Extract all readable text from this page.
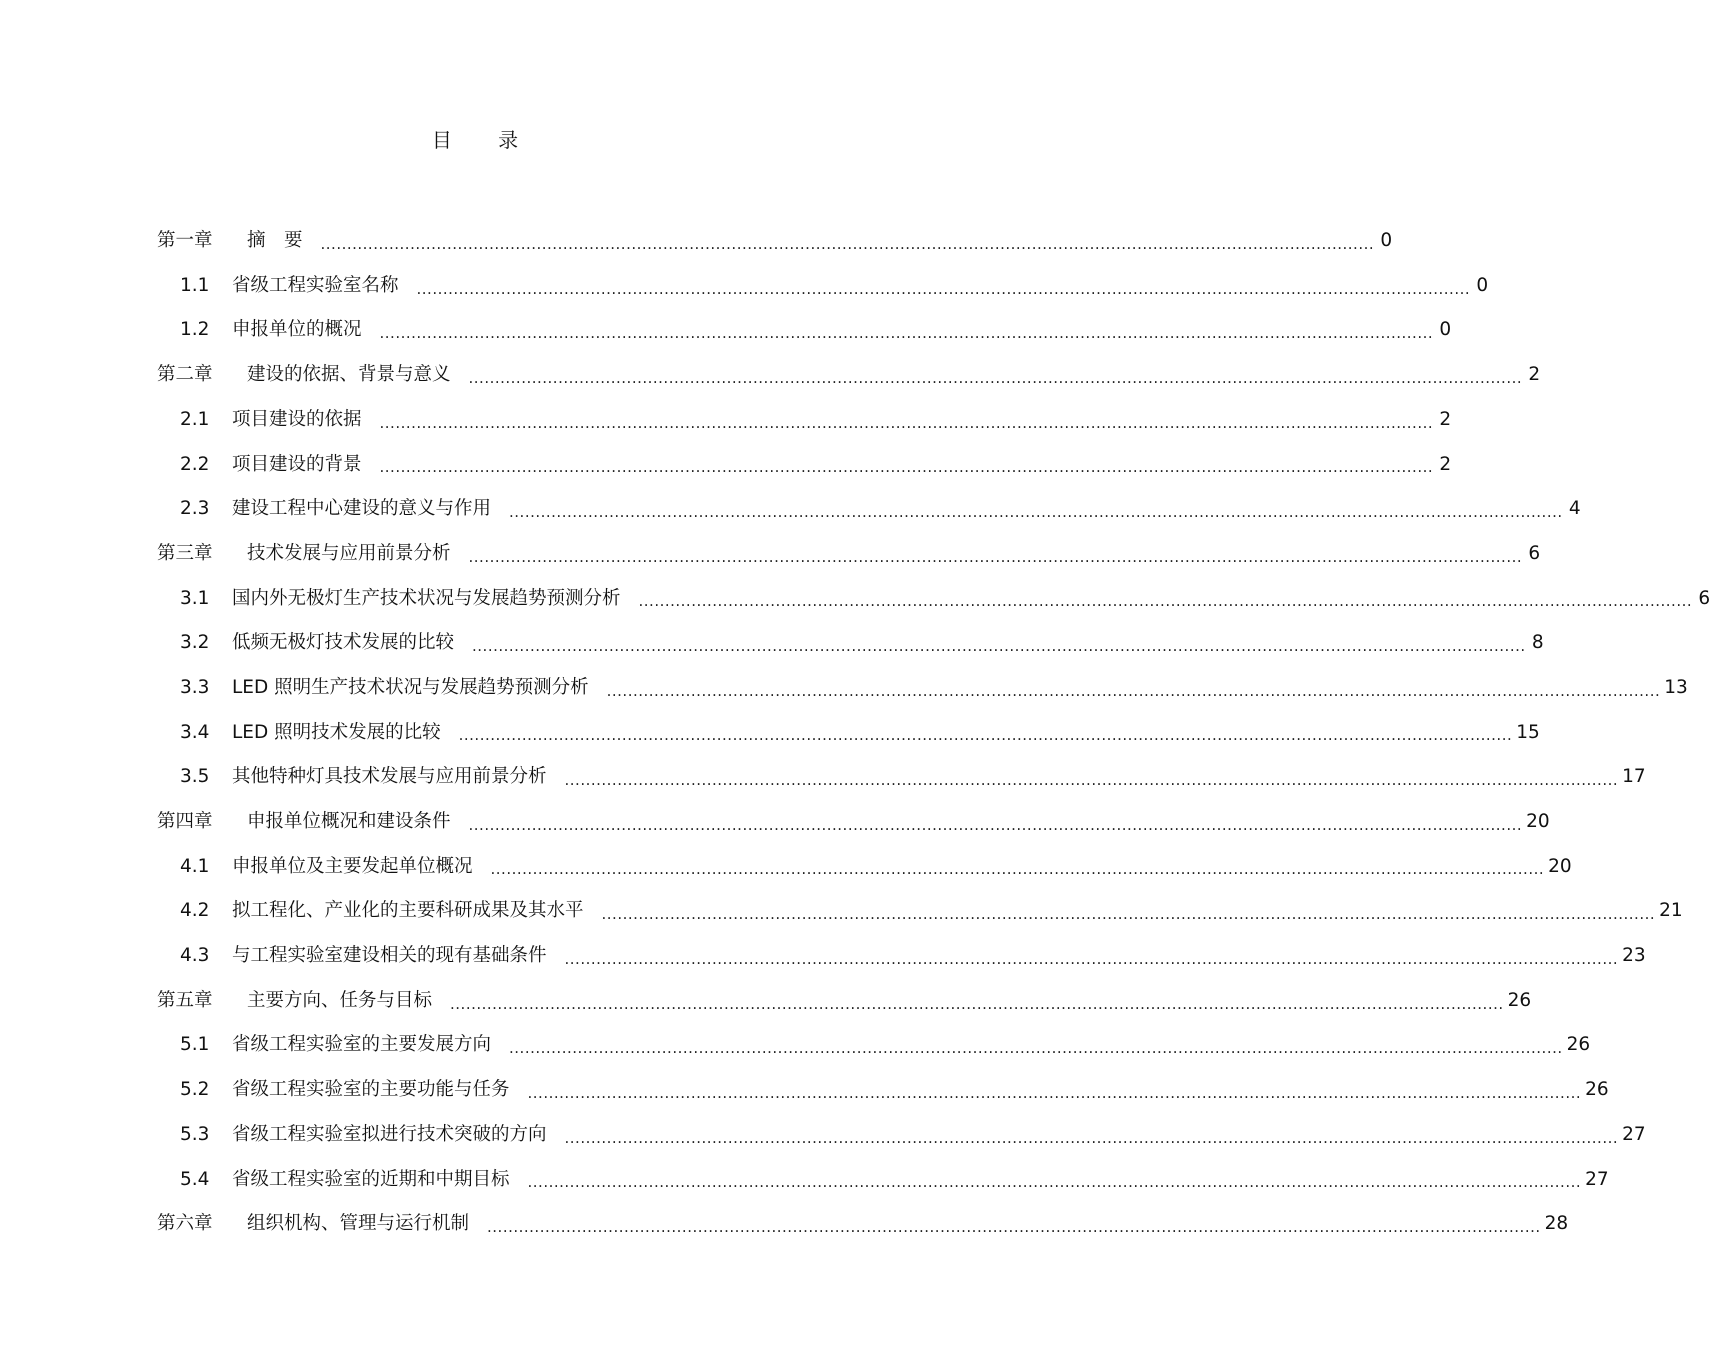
目 录
第一章	摘　要	........................................................................................................................................................................................................ 0
1.1	省级工程实验室名称	........................................................................................................................................................................................................ 0
1.2	申报单位的概况	........................................................................................................................................................................................................ 0
第二章	建设的依据、背景与意义	........................................................................................................................................................................................................ 2
2.1	项目建设的依据	........................................................................................................................................................................................................ 2
2.2	项目建设的背景	........................................................................................................................................................................................................ 2
2.3	建设工程中心建设的意义与作用	........................................................................................................................................................................................................ 4
第三章	技术发展与应用前景分析	........................................................................................................................................................................................................ 6
3.1	国内外无极灯生产技术状况与发展趋势预测分析	........................................................................................................................................................................................................ 6
3.2	低频无极灯技术发展的比较	........................................................................................................................................................................................................ 8
3.3	LED 照明生产技术状况与发展趋势预测分析	........................................................................................................................................................................................................ 13
3.4	LED 照明技术发展的比较	........................................................................................................................................................................................................ 15
3.5	其他特种灯具技术发展与应用前景分析	........................................................................................................................................................................................................ 17
第四章	申报单位概况和建设条件	........................................................................................................................................................................................................ 20
4.1	申报单位及主要发起单位概况	........................................................................................................................................................................................................ 20
4.2	拟工程化、产业化的主要科研成果及其水平	........................................................................................................................................................................................................ 21
4.3	与工程实验室建设相关的现有基础条件	........................................................................................................................................................................................................ 23
第五章	主要方向、任务与目标	........................................................................................................................................................................................................ 26
5.1	省级工程实验室的主要发展方向	........................................................................................................................................................................................................ 26
5.2	省级工程实验室的主要功能与任务	........................................................................................................................................................................................................ 26
5.3	省级工程实验室拟进行技术突破的方向	........................................................................................................................................................................................................ 27
5.4	省级工程实验室的近期和中期目标	........................................................................................................................................................................................................ 27
第六章	组织机构、管理与运行机制	........................................................................................................................................................................................................ 28
